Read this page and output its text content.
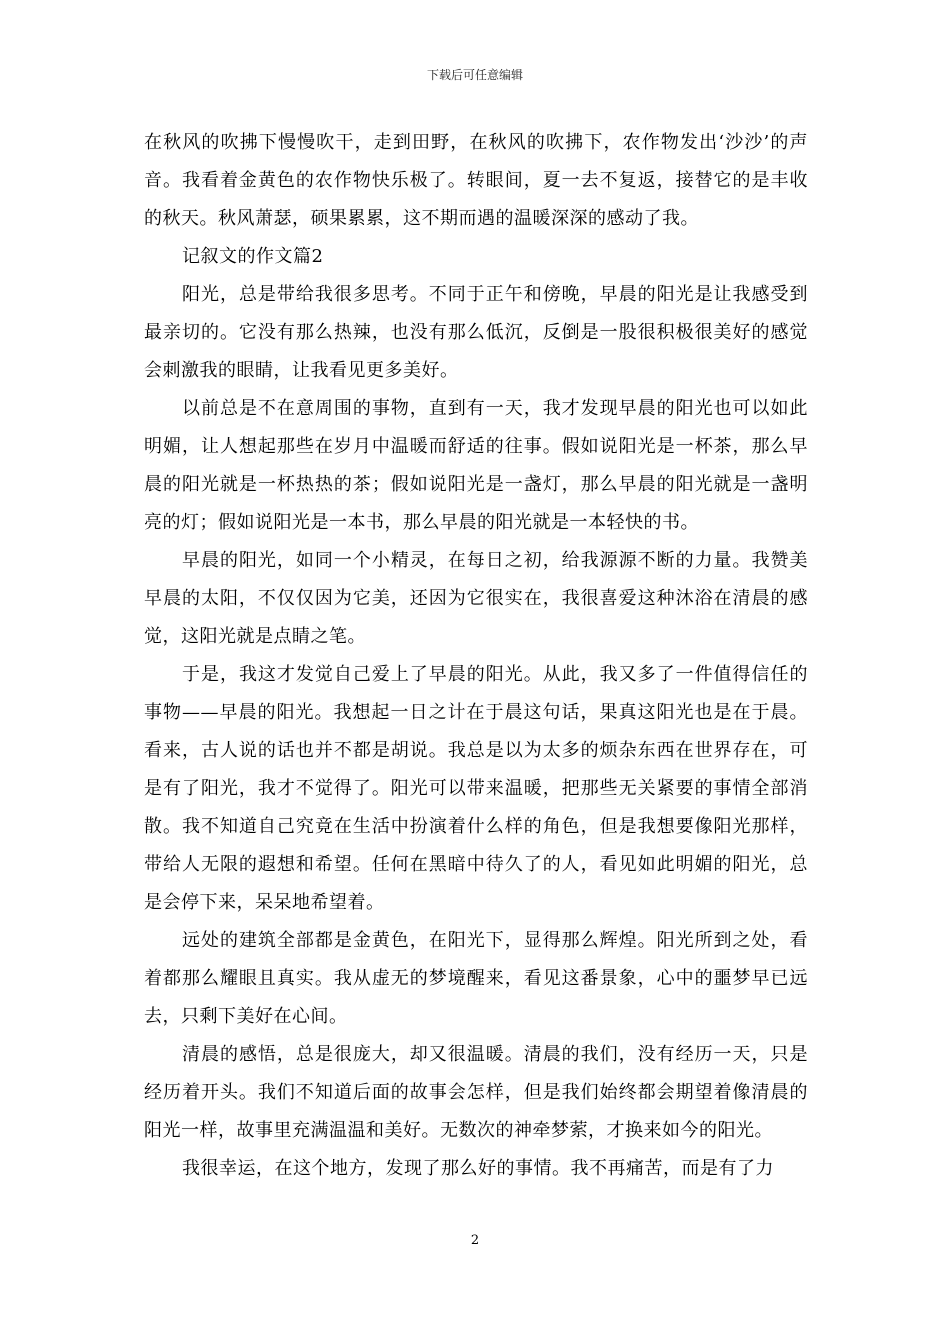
下载后可任意编辑

在秋风的吹拂下慢慢吹干，走到田野，在秋风的吹拂下，农作物发出‘沙沙’的声音。我看着金黄色的农作物快乐极了。转眼间，夏一去不复返，接替它的是丰收的秋天。秋风萧瑟，硕果累累，这不期而遇的温暖深深的感动了我。

记叙文的作文篇2

阳光，总是带给我很多思考。不同于正午和傍晚，早晨的阳光是让我感受到最亲切的。它没有那么热辣，也没有那么低沉，反倒是一股很积极很美好的感觉会刺激我的眼睛，让我看见更多美好。

以前总是不在意周围的事物，直到有一天，我才发现早晨的阳光也可以如此明媚，让人想起那些在岁月中温暖而舒适的往事。假如说阳光是一杯茶，那么早晨的阳光就是一杯热热的茶；假如说阳光是一盏灯，那么早晨的阳光就是一盏明亮的灯；假如说阳光是一本书，那么早晨的阳光就是一本轻快的书。

早晨的阳光，如同一个小精灵，在每日之初，给我源源不断的力量。我赞美早晨的太阳，不仅仅因为它美，还因为它很实在，我很喜爱这种沐浴在清晨的感觉，这阳光就是点睛之笔。

于是，我这才发觉自己爱上了早晨的阳光。从此，我又多了一件值得信任的事物——早晨的阳光。我想起一日之计在于晨这句话，果真这阳光也是在于晨。看来，古人说的话也并不都是胡说。我总是以为太多的烦杂东西在世界存在，可是有了阳光，我才不觉得了。阳光可以带来温暖，把那些无关紧要的事情全部消散。我不知道自己究竟在生活中扮演着什么样的角色，但是我想要像阳光那样，带给人无限的遐想和希望。任何在黑暗中待久了的人，看见如此明媚的阳光，总是会停下来，呆呆地希望着。

远处的建筑全部都是金黄色，在阳光下，显得那么辉煌。阳光所到之处，看着都那么耀眼且真实。我从虚无的梦境醒来，看见这番景象，心中的噩梦早已远去，只剩下美好在心间。

清晨的感悟，总是很庞大，却又很温暖。清晨的我们，没有经历一天，只是经历着开头。我们不知道后面的故事会怎样，但是我们始终都会期望着像清晨的阳光一样，故事里充满温温和美好。无数次的神牵梦萦，才换来如今的阳光。

我很幸运，在这个地方，发现了那么好的事情。我不再痛苦，而是有了力

2
